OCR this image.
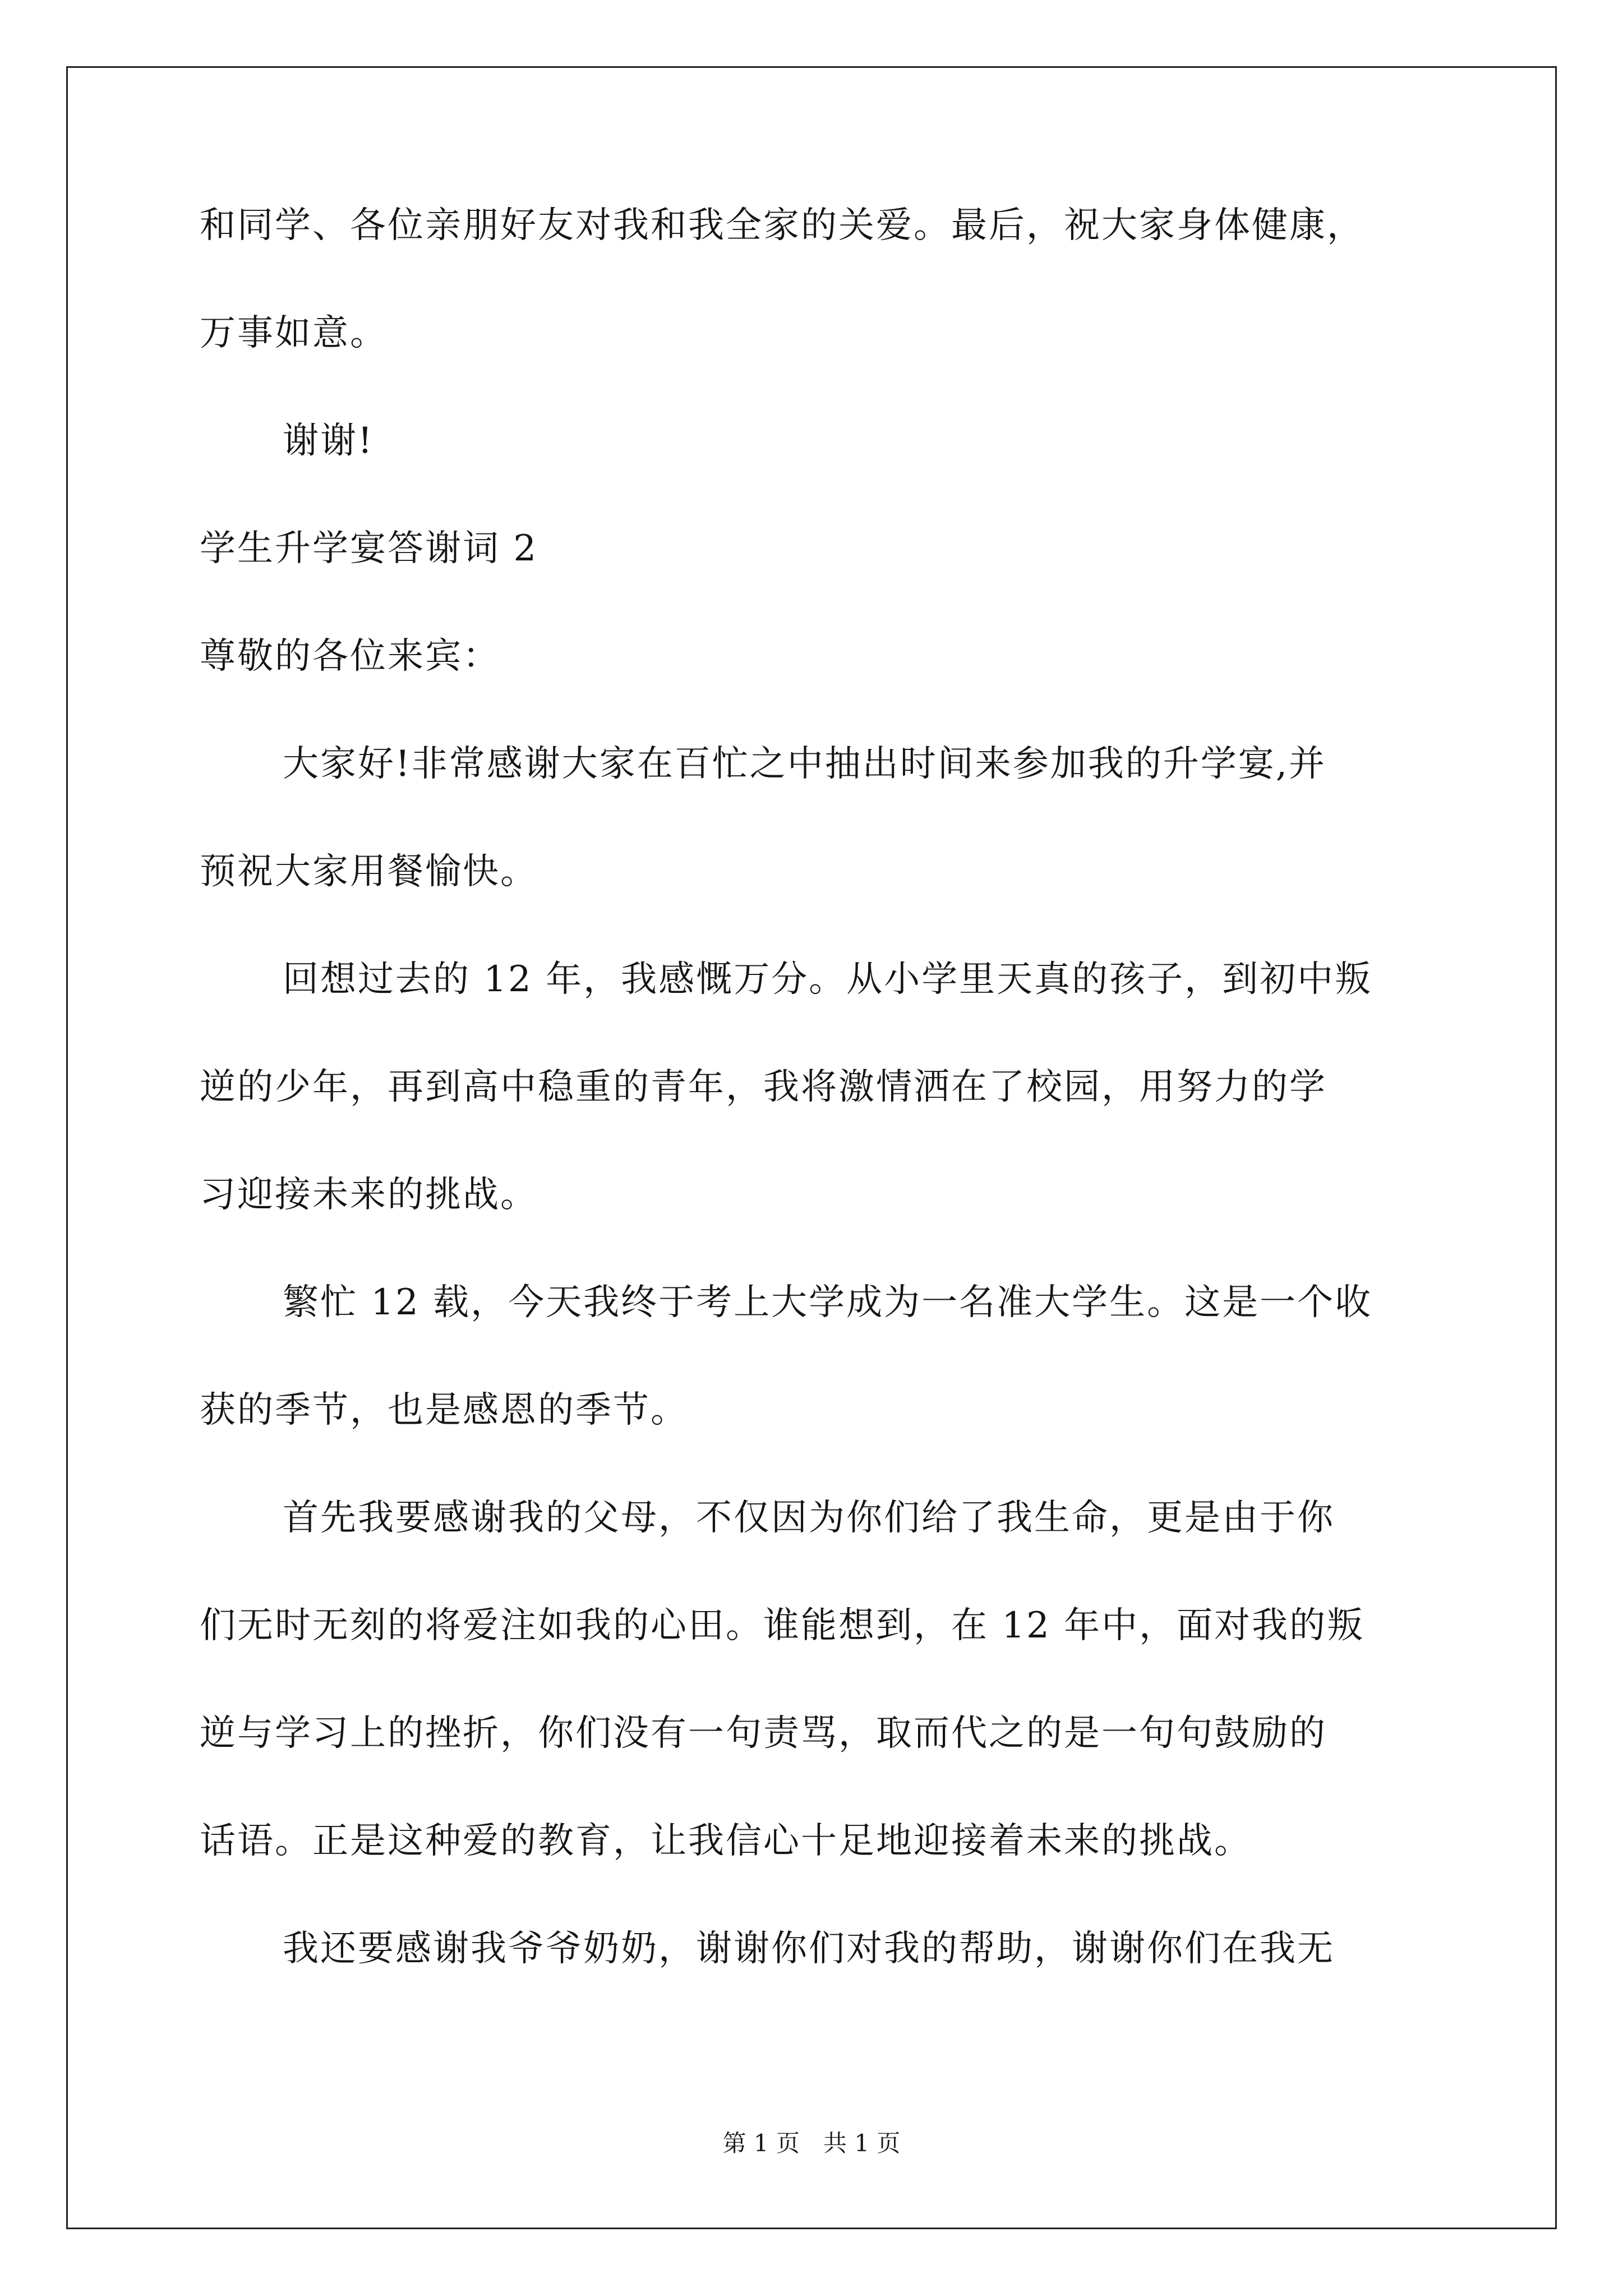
和同学、各位亲朋好友对我和我全家的关爱。最后，祝大家身体健康，
万事如意。
谢谢!
学生升学宴答谢词 2
尊敬的各位来宾：
大家好!非常感谢大家在百忙之中抽出时间来参加我的升学宴,并
预祝大家用餐愉快。
回想过去的 12 年，我感慨万分。从小学里天真的孩子，到初中叛
逆的少年，再到高中稳重的青年，我将激情洒在了校园，用努力的学
习迎接未来的挑战。
繁忙 12 载，今天我终于考上大学成为一名准大学生。这是一个收
获的季节，也是感恩的季节。
首先我要感谢我的父母，不仅因为你们给了我生命，更是由于你
们无时无刻的将爱注如我的心田。谁能想到，在 12 年中，面对我的叛
逆与学习上的挫折，你们没有一句责骂，取而代之的是一句句鼓励的
话语。正是这种爱的教育，让我信心十足地迎接着未来的挑战。
我还要感谢我爷爷奶奶，谢谢你们对我的帮助，谢谢你们在我无
第 1 页　共 1 页
